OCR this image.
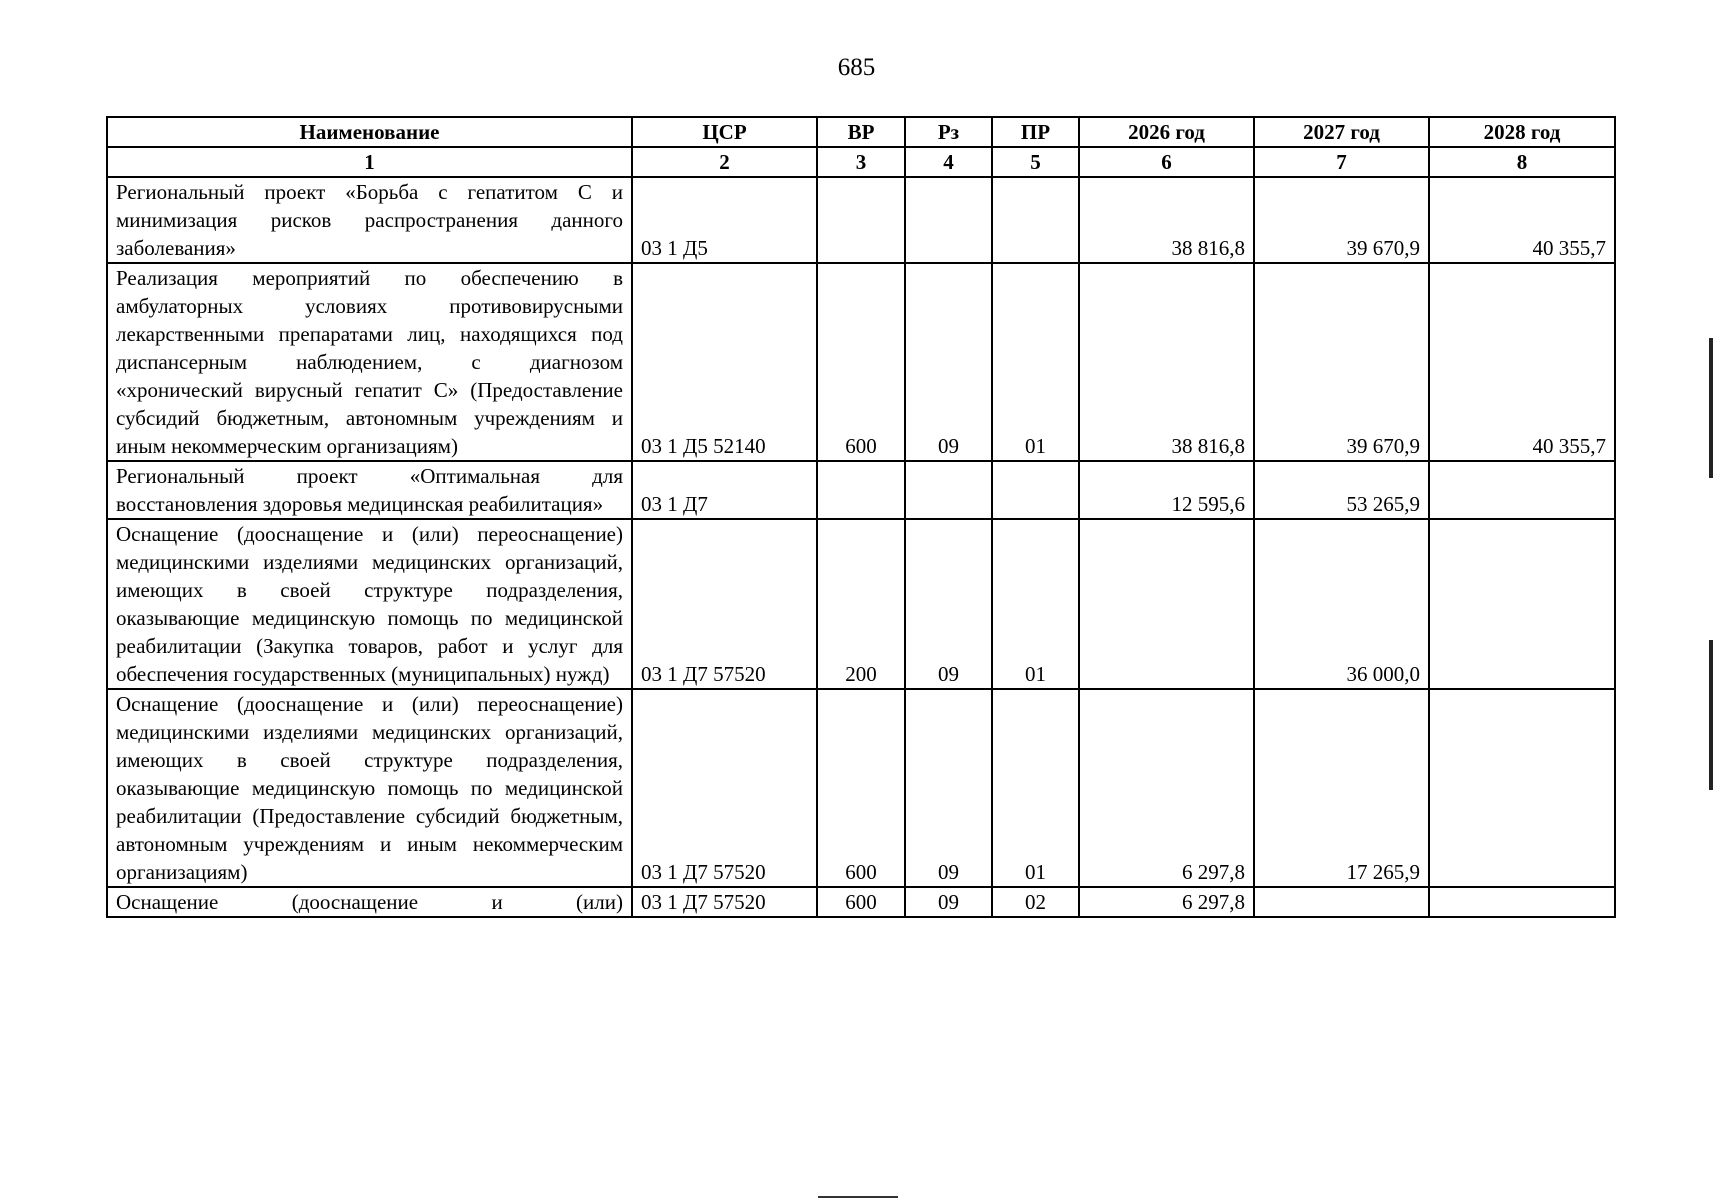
685
Наименование	ЦСР	ВР	Рз	ПР	2026 год	2027 год	2028 год
1	2	3	4	5	6	7	8
Региональный проект «Борьба с гепатитом С и минимизация рисков распространения данного заболевания»	03 1 Д5				38 816,8	39 670,9	40 355,7
Реализация мероприятий по обеспечению в амбулаторных условиях противовирусными лекарственными препаратами лиц, находящихся под диспансерным наблюдением, с диагнозом «хронический вирусный гепатит С» (Предоставление субсидий бюджетным, автономным учреждениям и иным некоммерческим организациям)	03 1 Д5 52140	600	09	01	38 816,8	39 670,9	40 355,7
Региональный проект «Оптимальная для восстановления здоровья медицинская реабилитация»	03 1 Д7				12 595,6	53 265,9	
Оснащение (дооснащение и (или) переоснащение) медицинскими изделиями медицинских организаций, имеющих в своей структуре подразделения, оказывающие медицинскую помощь по медицинской реабилитации (Закупка товаров, работ и услуг для обеспечения государственных (муниципальных) нужд)	03 1 Д7 57520	200	09	01		36 000,0	
Оснащение (дооснащение и (или) переоснащение) медицинскими изделиями медицинских организаций, имеющих в своей структуре подразделения, оказывающие медицинскую помощь по медицинской реабилитации (Предоставление субсидий бюджетным, автономным учреждениям и иным некоммерческим организациям)	03 1 Д7 57520	600	09	01	6 297,8	17 265,9	
Оснащение (дооснащение и (или)	03 1 Д7 57520	600	09	02	6 297,8		
